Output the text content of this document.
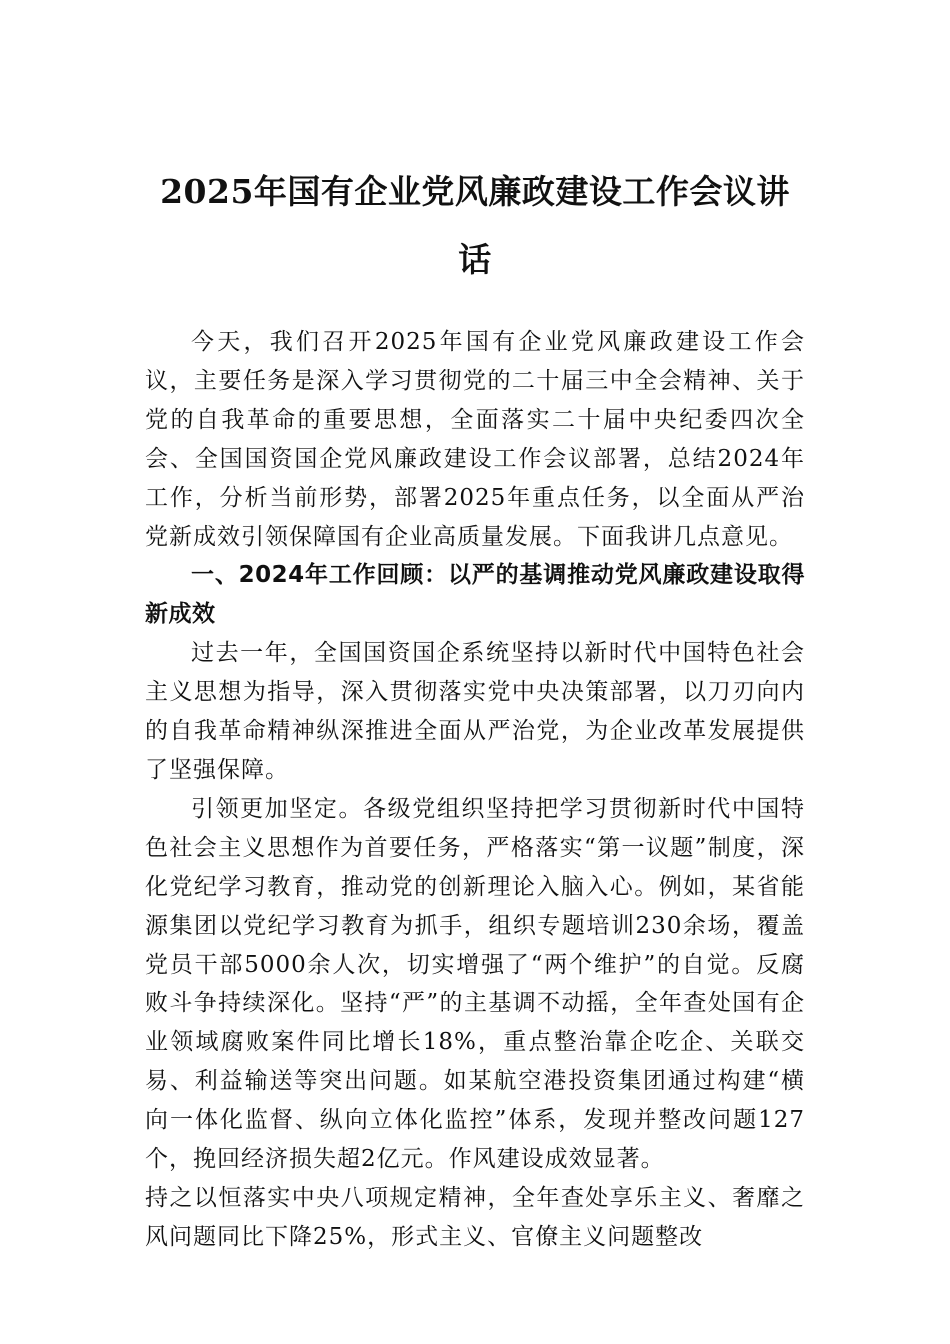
2025年国有企业党风廉政建设工作会议讲话

今天，我们召开2025年国有企业党风廉政建设工作会议，主要任务是深入学习贯彻党的二十届三中全会精神、关于党的自我革命的重要思想，全面落实二十届中央纪委四次全会、全国国资国企党风廉政建设工作会议部署，总结2024年工作，分析当前形势，部署2025年重点任务，以全面从严治党新成效引领保障国有企业高质量发展。下面我讲几点意见。

一、2024年工作回顾：以严的基调推动党风廉政建设取得新成效

过去一年，全国国资国企系统坚持以新时代中国特色社会主义思想为指导，深入贯彻落实党中央决策部署，以刀刃向内的自我革命精神纵深推进全面从严治党，为企业改革发展提供了坚强保障。

引领更加坚定。各级党组织坚持把学习贯彻新时代中国特色社会主义思想作为首要任务，严格落实“第一议题”制度，深化党纪学习教育，推动党的创新理论入脑入心。例如，某省能源集团以党纪学习教育为抓手，组织专题培训230余场，覆盖党员干部5000余人次，切实增强了“两个维护”的自觉。反腐败斗争持续深化。坚持“严”的主基调不动摇，全年查处国有企业领域腐败案件同比增长18%，重点整治靠企吃企、关联交易、利益输送等突出问题。如某航空港投资集团通过构建“横向一体化监督、纵向立体化监控”体系，发现并整改问题127个，挽回经济损失超2亿元。作风建设成效显著。

持之以恒落实中央八项规定精神，全年查处享乐主义、奢靡之风问题同比下降25%，形式主义、官僚主义问题整改
